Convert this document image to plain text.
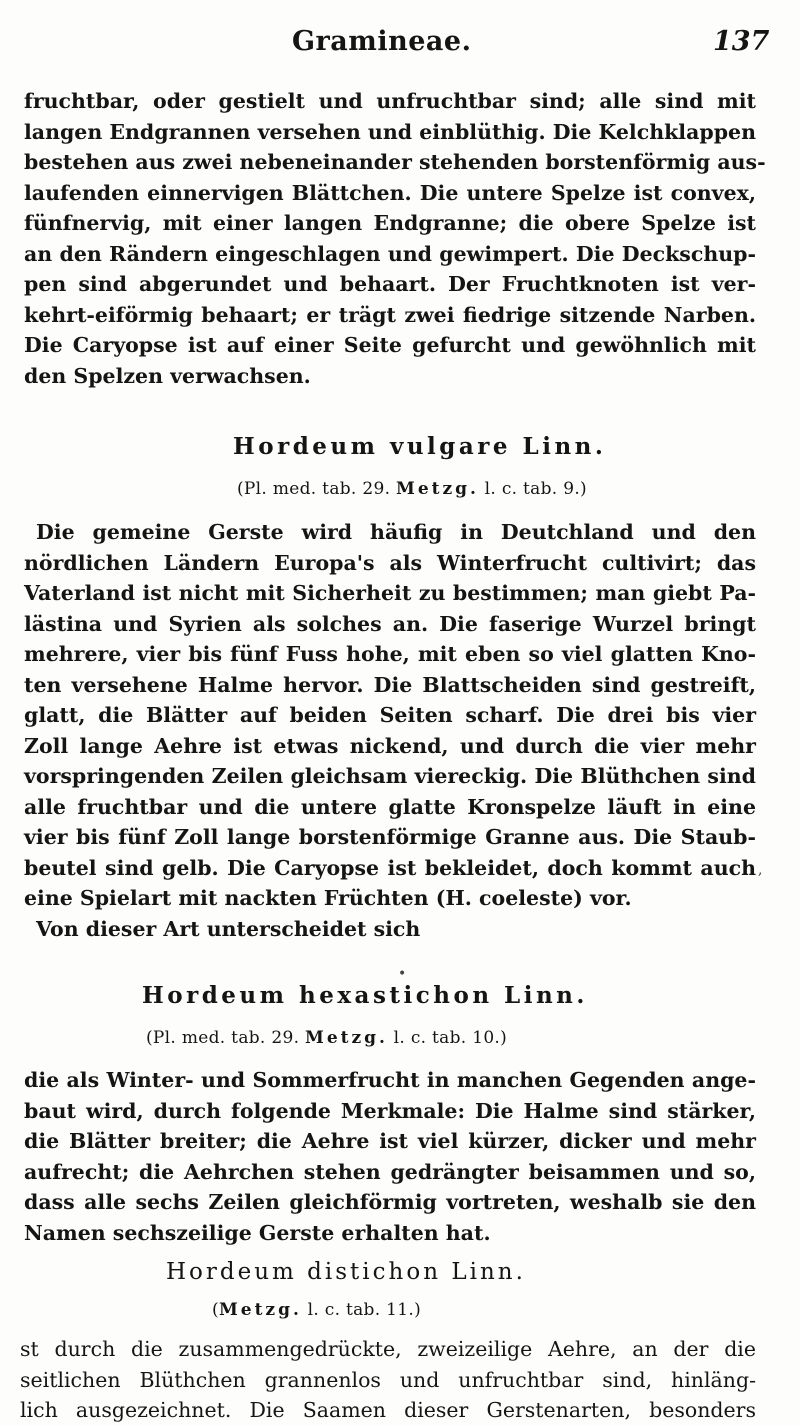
Gramineae.	137
fruchtbar, oder gestielt und unfruchtbar sind; alle sind mit
langen Endgrannen versehen und einblüthig. Die Kelchklappen
bestehen aus zwei nebeneinander stehenden borstenförmig aus-
laufenden einnervigen Blättchen. Die untere Spelze ist convex,
fünfnervig, mit einer langen Endgranne; die obere Spelze ist
an den Rändern eingeschlagen und gewimpert. Die Deckschup-
pen sind abgerundet und behaart. Der Fruchtknoten ist ver-
kehrt-eiförmig behaart; er trägt zwei fiedrige sitzende Narben.
Die Caryopse ist auf einer Seite gefurcht und gewöhnlich mit
den Spelzen verwachsen.
Hordeum vulgare Linn.
(Pl. med. tab. 29. Metzg. l. c. tab. 9.)
Die gemeine Gerste wird häufig in Deutchland und den
nördlichen Ländern Europa's als Winterfrucht cultivirt; das
Vaterland ist nicht mit Sicherheit zu bestimmen; man giebt Pa-
lästina und Syrien als solches an. Die faserige Wurzel bringt
mehrere, vier bis fünf Fuss hohe, mit eben so viel glatten Kno-
ten versehene Halme hervor. Die Blattscheiden sind gestreift,
glatt, die Blätter auf beiden Seiten scharf. Die drei bis vier
Zoll lange Aehre ist etwas nickend, und durch die vier mehr
vorspringenden Zeilen gleichsam viereckig. Die Blüthchen sind
alle fruchtbar und die untere glatte Kronspelze läuft in eine
vier bis fünf Zoll lange borstenförmige Granne aus. Die Staub-
beutel sind gelb. Die Caryopse ist bekleidet, doch kommt auch
eine Spielart mit nackten Früchten (H. coeleste) vor.
Von dieser Art unterscheidet sich
•
Hordeum hexastichon Linn.
(Pl. med. tab. 29. Metzg. l. c. tab. 10.)
die als Winter- und Sommerfrucht in manchen Gegenden ange-
baut wird, durch folgende Merkmale: Die Halme sind stärker,
die Blätter breiter; die Aehre ist viel kürzer, dicker und mehr
aufrecht; die Aehrchen stehen gedrängter beisammen und so,
dass alle sechs Zeilen gleichförmig vortreten, weshalb sie den
Namen sechszeilige Gerste erhalten hat.
Hordeum distichon Linn.
(Metzg. l. c. tab. 11.)
st durch die zusammengedrückte, zweizeilige Aehre, an der die
seitlichen Blüthchen grannenlos und unfruchtbar sind, hinläng-
lich ausgezeichnet. Die Saamen dieser Gerstenarten, besonders
,
